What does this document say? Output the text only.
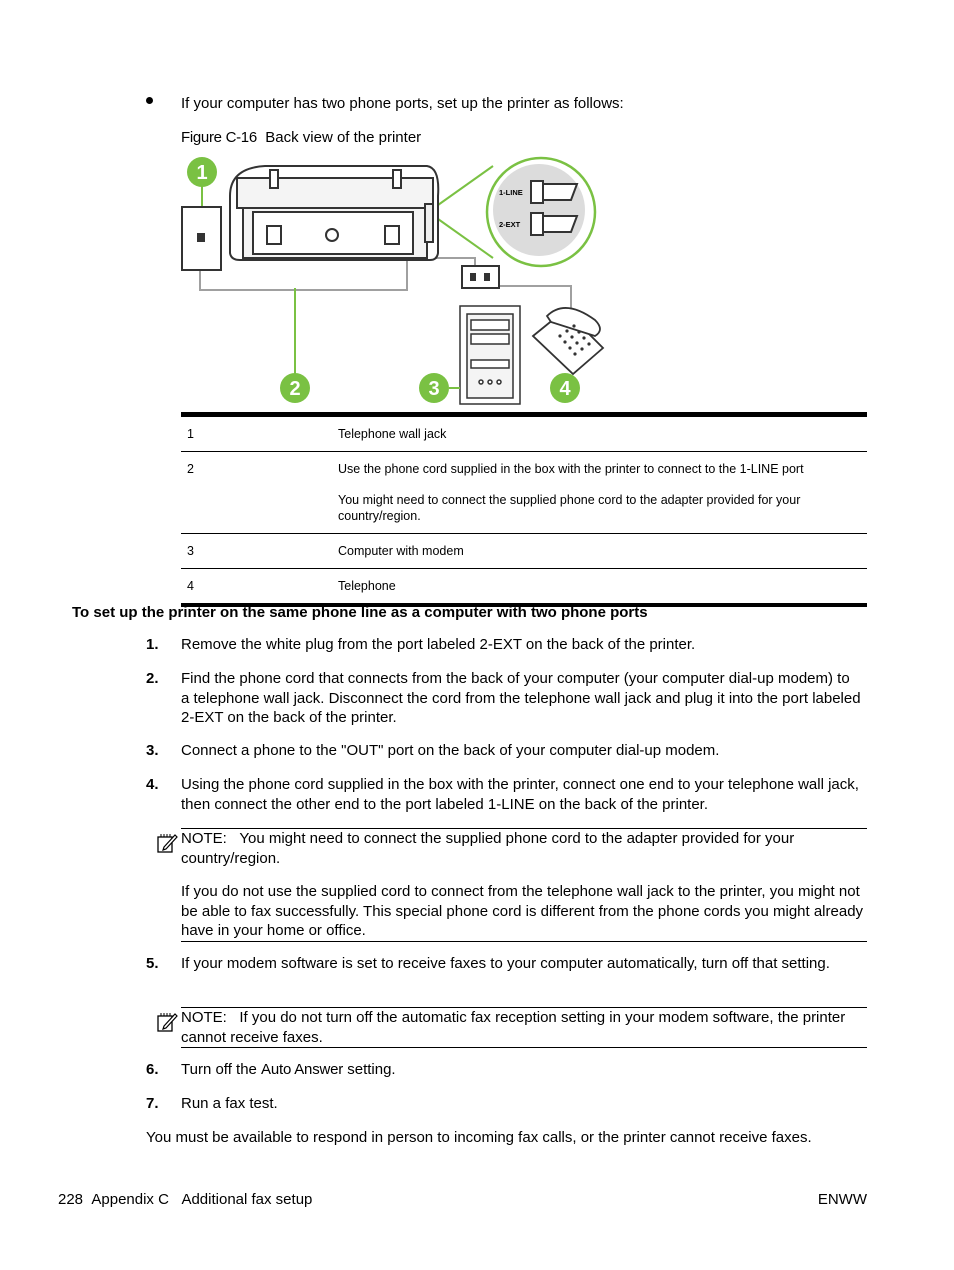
If your computer has two phone ports, set up the printer as follows:
Figure C-16 Back view of the printer
1-LINE
2-EXT
1
2	3	4
1	Telephone wall jack

2	Use the phone cord supplied in the box with the printer to connect to the 1-LINE port

You might need to connect the supplied phone cord to the adapter provided for your country/region.

3	Computer with modem

4	Telephone

To set up the printer on the same phone line as a computer with two phone ports
1. Remove the white plug from the port labeled 2-EXT on the back of the printer.
2. Find the phone cord that connects from the back of your computer (your computer dial-up modem) to a telephone wall jack. Disconnect the cord from the telephone wall jack and plug it into the port labeled 2-EXT on the back of the printer.
3. Connect a phone to the "OUT" port on the back of your computer dial-up modem.
4. Using the phone cord supplied in the box with the printer, connect one end to your telephone wall jack, then connect the other end to the port labeled 1-LINE on the back of the printer.

NOTE: You might need to connect the supplied phone cord to the adapter provided for your country/region.

If you do not use the supplied cord to connect from the telephone wall jack to the printer, you might not be able to fax successfully. This special phone cord is different from the phone cords you might already have in your home or office.

5. If your modem software is set to receive faxes to your computer automatically, turn off that setting.

NOTE: If you do not turn off the automatic fax reception setting in your modem software, the printer cannot receive faxes.

6. Turn off the Auto Answer setting.
7. Run a fax test.
You must be available to respond in person to incoming fax calls, or the printer cannot receive faxes.
228 Appendix C Additional fax setup	ENWW
